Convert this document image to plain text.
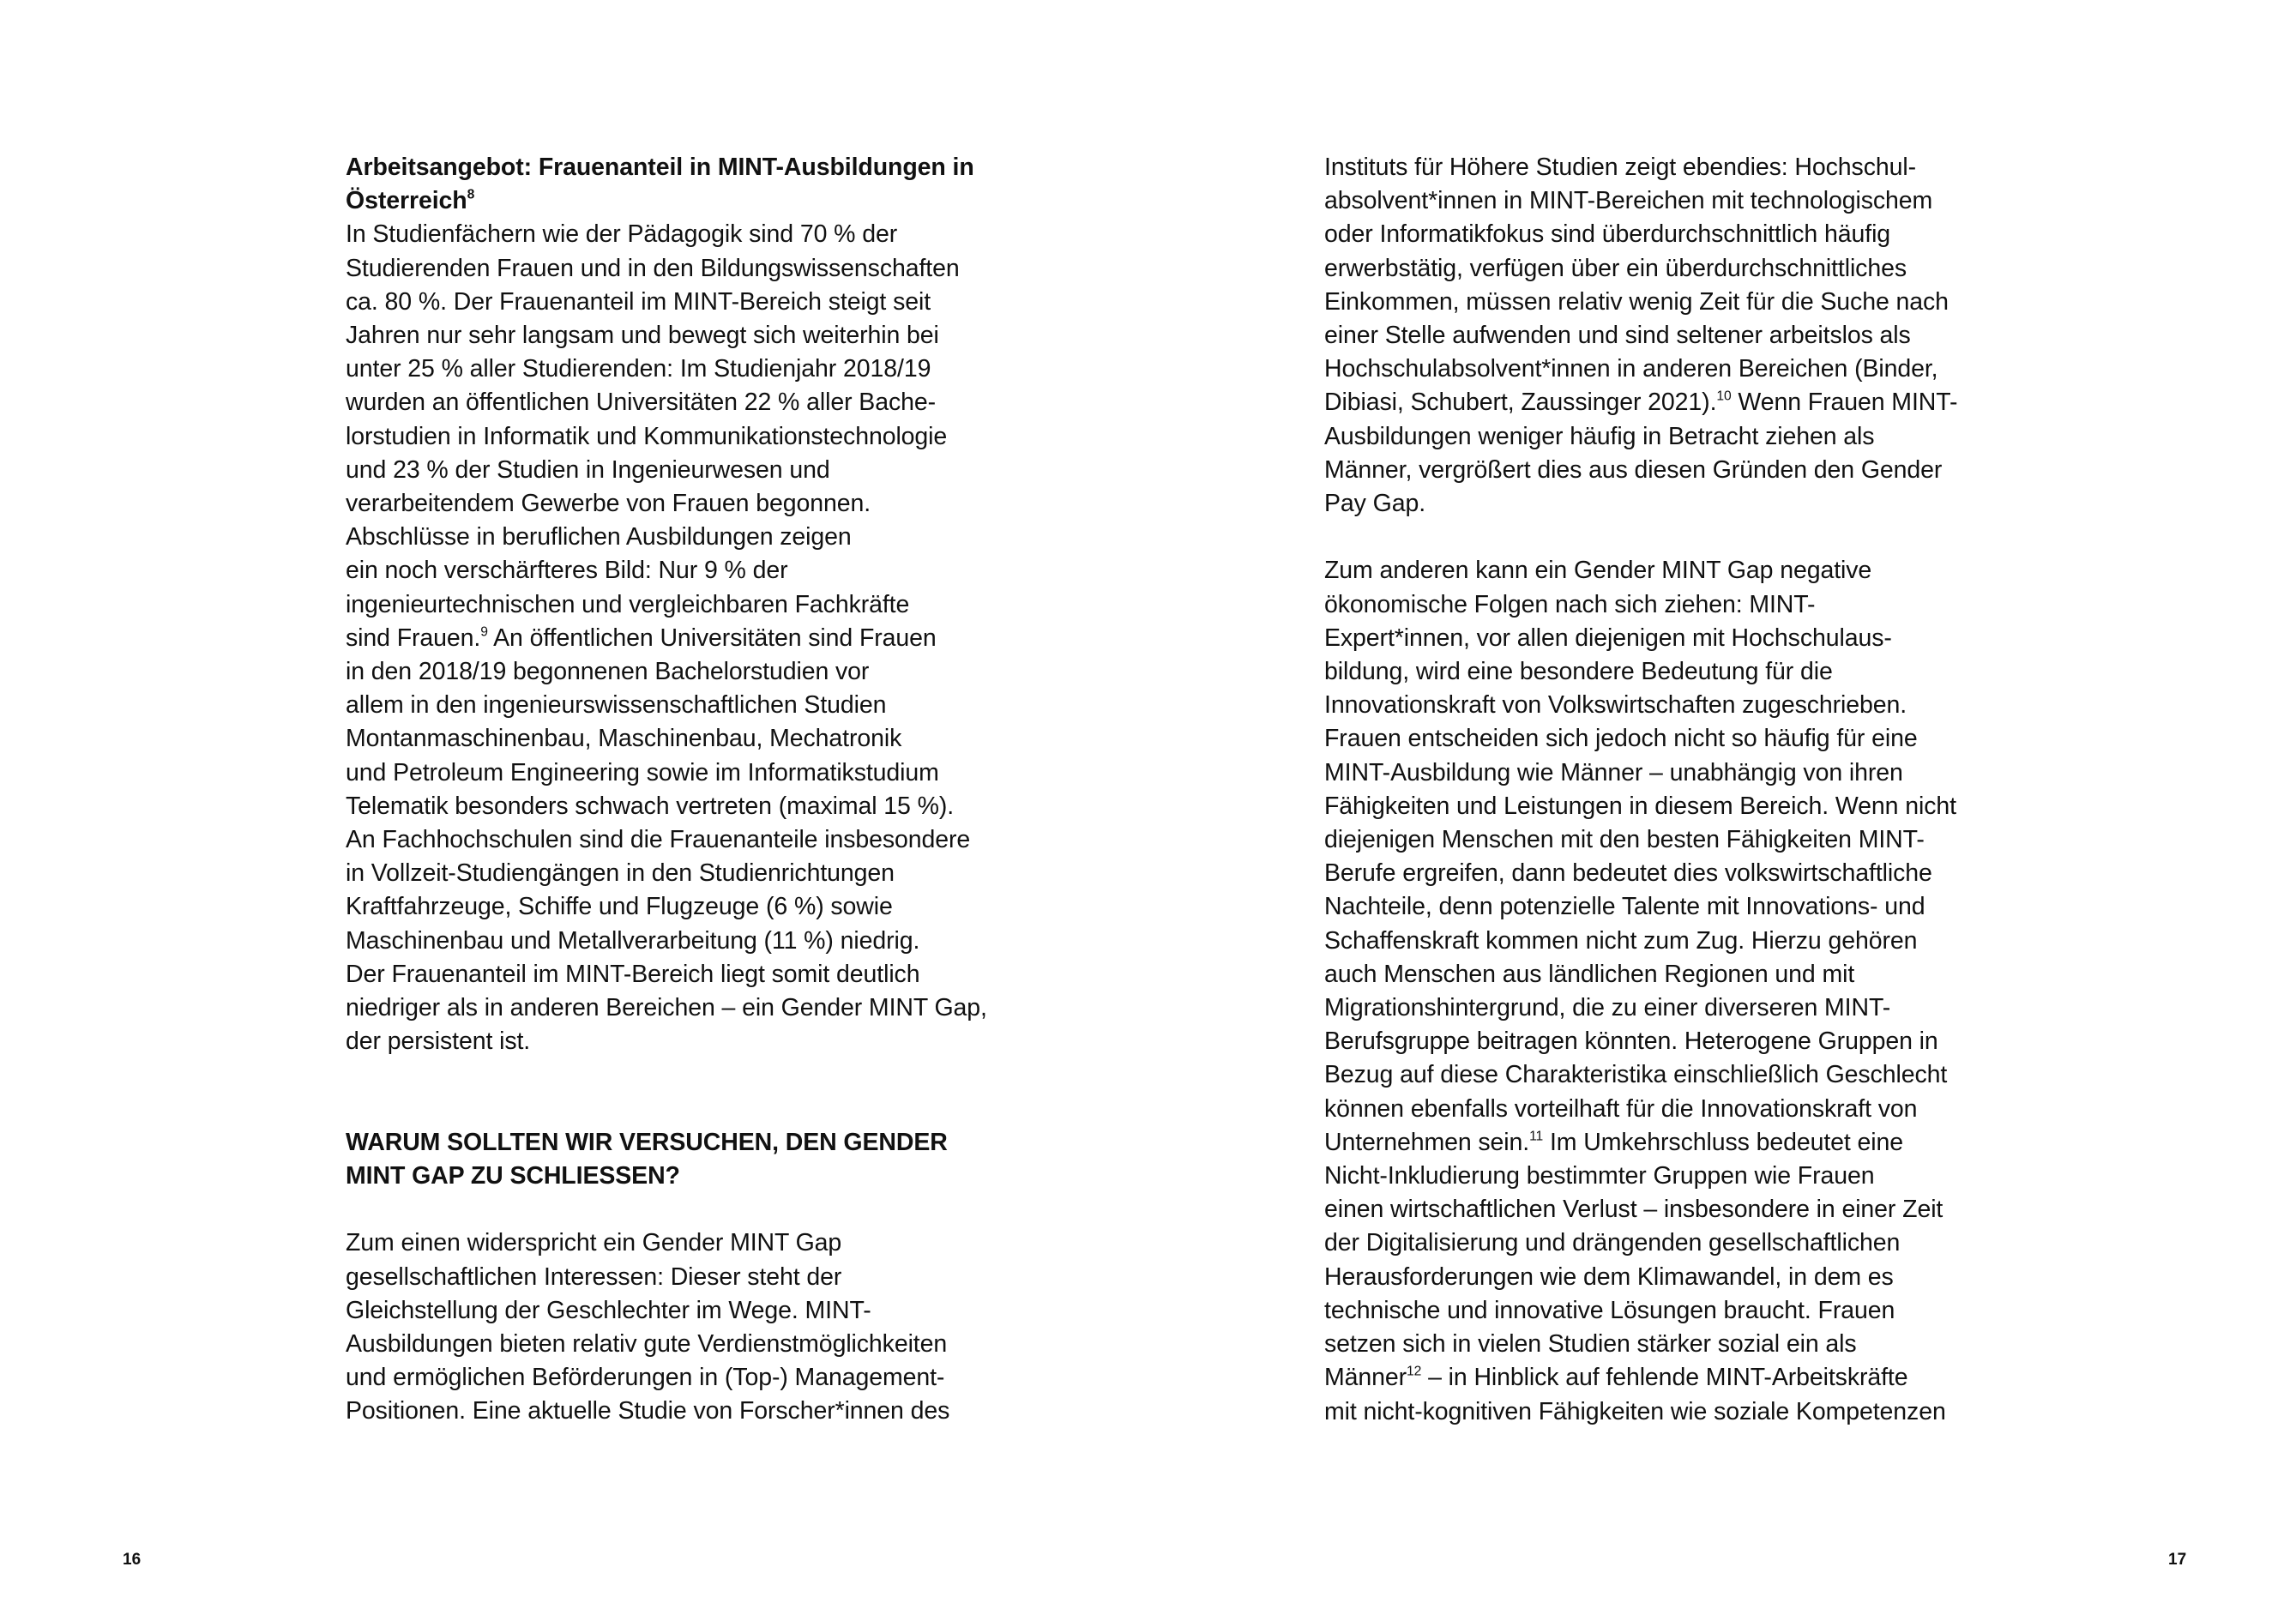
Arbeitsangebot: Frauenanteil in MINT-Ausbildungen in
Österreich$^8$
In Studienfächern wie der Pädagogik sind 70 % der
Studierenden Frauen und in den Bildungswissenschaften
ca. 80 %. Der Frauenanteil im MINT-Bereich steigt seit
Jahren nur sehr langsam und bewegt sich weiterhin bei
unter 25 % aller Studierenden: Im Studienjahr 2018/19
wurden an öffentlichen Universitäten 22 % aller Bache-
lorstudien in Informatik und Kommunikationstechnologie
und 23 % der Studien in Ingenieurwesen und
verarbeitendem Gewerbe von Frauen begonnen.
Abschlüsse in beruflichen Ausbildungen zeigen
ein noch verschärfteres Bild: Nur 9 % der
ingenieurtechnischen und vergleichbaren Fachkräfte
sind Frauen.$^9$ An öffentlichen Universitäten sind Frauen
in den 2018/19 begonnenen Bachelorstudien vor
allem in den ingenieurswissenschaftlichen Studien
Montanmaschinenbau, Maschinenbau, Mechatronik
und Petroleum Engineering sowie im Informatikstudium
Telematik besonders schwach vertreten (maximal 15 %).
An Fachhochschulen sind die Frauenanteile insbesondere
in Vollzeit-Studiengängen in den Studienrichtungen
Kraftfahrzeuge, Schiffe und Flugzeuge (6 %) sowie
Maschinenbau und Metallverarbeitung (11 %) niedrig.
Der Frauenanteil im MINT-Bereich liegt somit deutlich
niedriger als in anderen Bereichen – ein Gender MINT Gap,
der persistent ist.
WARUM SOLLTEN WIR VERSUCHEN, DEN GENDER
MINT GAP ZU SCHLIESSEN?
Zum einen widerspricht ein Gender MINT Gap
gesellschaftlichen Interessen: Dieser steht der
Gleichstellung der Geschlechter im Wege. MINT-
Ausbildungen bieten relativ gute Verdienstmöglichkeiten
und ermöglichen Beförderungen in (Top-) Management-
Positionen. Eine aktuelle Studie von Forscher*innen des
Instituts für Höhere Studien zeigt ebendies: Hochschul-
absolvent*innen in MINT-Bereichen mit technologischem
oder Informatikfokus sind überdurchschnittlich häufig
erwerbstätig, verfügen über ein überdurchschnittliches
Einkommen, müssen relativ wenig Zeit für die Suche nach
einer Stelle aufwenden und sind seltener arbeitslos als
Hochschulabsolvent*innen in anderen Bereichen (Binder,
Dibiasi, Schubert, Zaussinger 2021).$^{10}$ Wenn Frauen MINT-
Ausbildungen weniger häufig in Betracht ziehen als
Männer, vergrößert dies aus diesen Gründen den Gender
Pay Gap.
Zum anderen kann ein Gender MINT Gap negative
ökonomische Folgen nach sich ziehen: MINT-
Expert*innen, vor allen diejenigen mit Hochschulaus-
bildung, wird eine besondere Bedeutung für die
Innovationskraft von Volkswirtschaften zugeschrieben.
Frauen entscheiden sich jedoch nicht so häufig für eine
MINT-Ausbildung wie Männer – unabhängig von ihren
Fähigkeiten und Leistungen in diesem Bereich. Wenn nicht
diejenigen Menschen mit den besten Fähigkeiten MINT-
Berufe ergreifen, dann bedeutet dies volkswirtschaftliche
Nachteile, denn potenzielle Talente mit Innovations- und
Schaffenskraft kommen nicht zum Zug. Hierzu gehören
auch Menschen aus ländlichen Regionen und mit
Migrationshintergrund, die zu einer diverseren MINT-
Berufsgruppe beitragen könnten. Heterogene Gruppen in
Bezug auf diese Charakteristika einschließlich Geschlecht
können ebenfalls vorteilhaft für die Innovationskraft von
Unternehmen sein.$^{11}$ Im Umkehrschluss bedeutet eine
Nicht-Inkludierung bestimmter Gruppen wie Frauen
einen wirtschaftlichen Verlust – insbesondere in einer Zeit
der Digitalisierung und drängenden gesellschaftlichen
Herausforderungen wie dem Klimawandel, in dem es
technische und innovative Lösungen braucht. Frauen
setzen sich in vielen Studien stärker sozial ein als
Männer$^{12}$ – in Hinblick auf fehlende MINT-Arbeitskräfte
mit nicht-kognitiven Fähigkeiten wie soziale Kompetenzen
16	17
